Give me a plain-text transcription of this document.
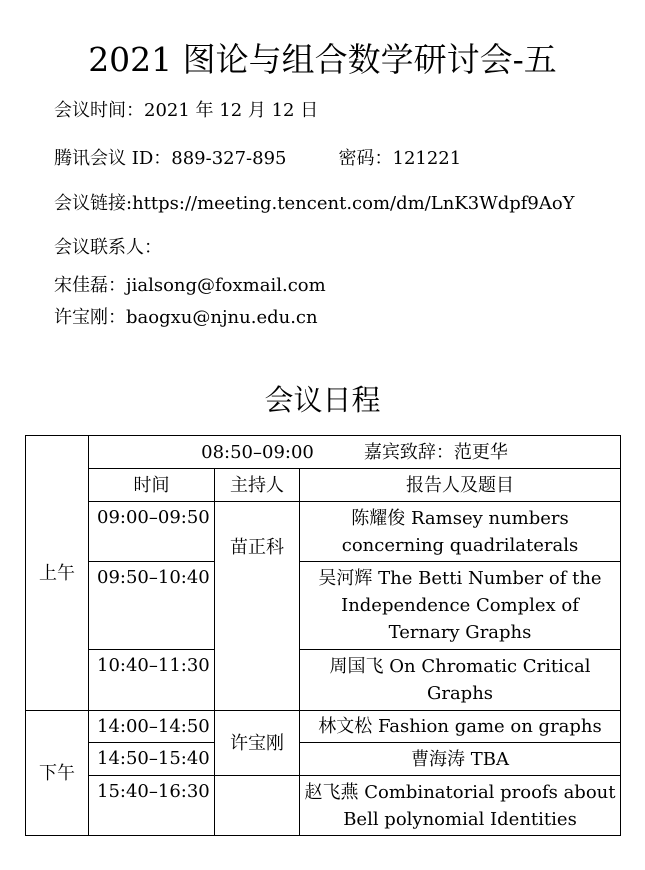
2021 图论与组合数学研讨会-五
会议时间：2021 年 12 月 12 日
腾讯会议 ID：889-327-895	密码：121221
会议链接:https://meeting.tencent.com/dm/LnK3Wdpf9AoY
会议联系人：
宋佳磊：jialsong@foxmail.com
许宝刚：baogxu@njnu.edu.cn
会议日程
上午	08:50–09:00 嘉宾致辞：范更华		
	时间	主持人	报告人及题目
	09:00–09:50	苗正科	陈耀俊 Ramsey numbers concerning quadrilaterals
	09:50–10:40		吴河辉 The Betti Number of the Independence Complex of Ternary Graphs
	10:40–11:30		周国飞 On Chromatic Critical Graphs
下午	14:00–14:50	许宝刚	林文松 Fashion game on graphs
	14:50–15:40		曹海涛 TBA
	15:40–16:30		赵飞燕 Combinatorial proofs about Bell polynomial Identities
